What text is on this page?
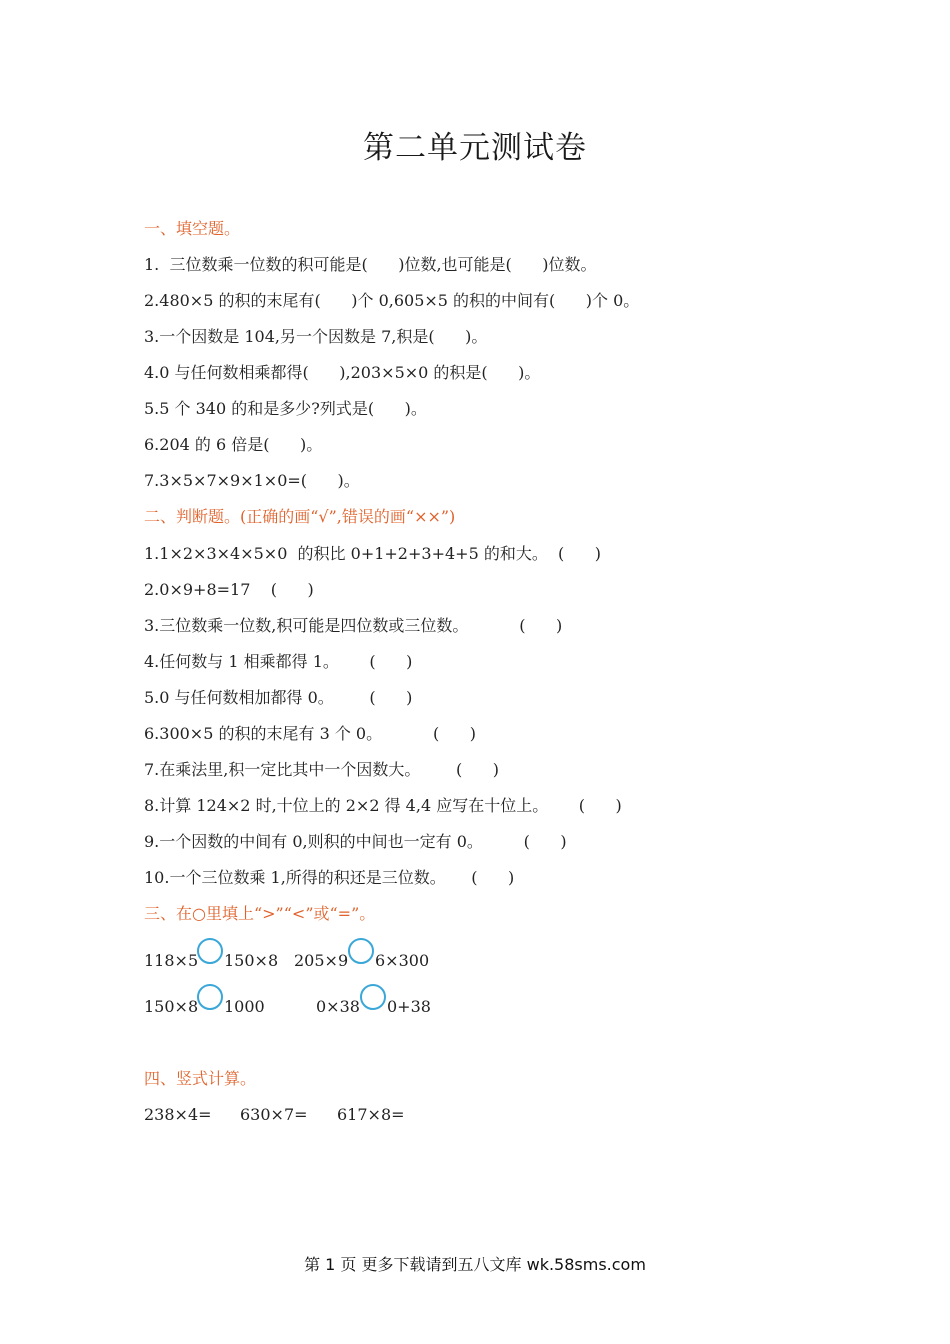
第二单元测试卷
一、填空题。
1.  三位数乘一位数的积可能是(      )位数,也可能是(      )位数。
2.480×5 的积的末尾有(      )个 0,605×5 的积的中间有(      )个 0。
3.一个因数是 104,另一个因数是 7,积是(      )。
4.0 与任何数相乘都得(      ),203×5×0 的积是(      )。
5.5 个 340 的和是多少?列式是(      )。
6.204 的 6 倍是(      )。
7.3×5×7×9×1×0=(      )。
二、判断题。(正确的画“√”,错误的画“××”)
1.1×2×3×4×5×0  的积比 0+1+2+3+4+5 的和大。  (      )
2.0×9+8=17    (      )
3.三位数乘一位数,积可能是四位数或三位数。          (      )
4.任何数与 1 相乘都得 1。      (      )
5.0 与任何数相加都得 0。       (      )
6.300×5 的积的末尾有 3 个 0。          (      )
7.在乘法里,积一定比其中一个因数大。       (      )
8.计算 124×2 时,十位上的 2×2 得 4,4 应写在十位上。      (      )
9.一个因数的中间有 0,则积的中间也一定有 0。        (      )
10.一个三位数乘 1,所得的积还是三位数。     (      )
三、在○里填上“>”“<”或“=”。
118×5 150×8 205×9 6×300
150×8 1000	0×38 0+38
四、竖式计算。
238×4= 630×7= 617×8=
第 1 页 更多下载请到五八文库 wk.58sms.com
